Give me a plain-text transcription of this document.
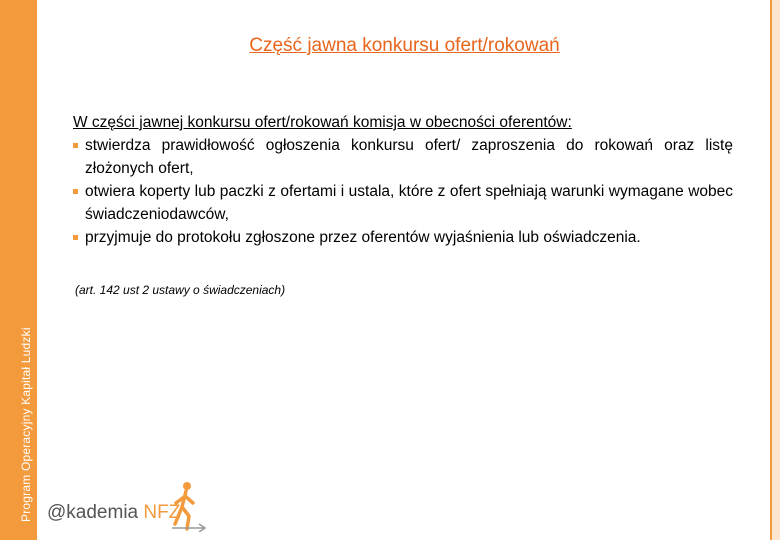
Program Operacyjny Kapitał Ludzki
Część jawna konkursu ofert/rokowań
W części jawnej konkursu ofert/rokowań komisja w obecności oferentów:
stwierdza prawidłowość ogłoszenia konkursu ofert/ zaproszenia do rokowań oraz listę złożonych ofert,
otwiera koperty lub paczki z ofertami i ustala, które z ofert spełniają warunki wymagane wobec świadczeniodawców,
przyjmuje do protokołu zgłoszone przez oferentów wyjaśnienia lub oświadczenia.
(art. 142 ust 2 ustawy o świadczeniach)
@kademia NFZ
